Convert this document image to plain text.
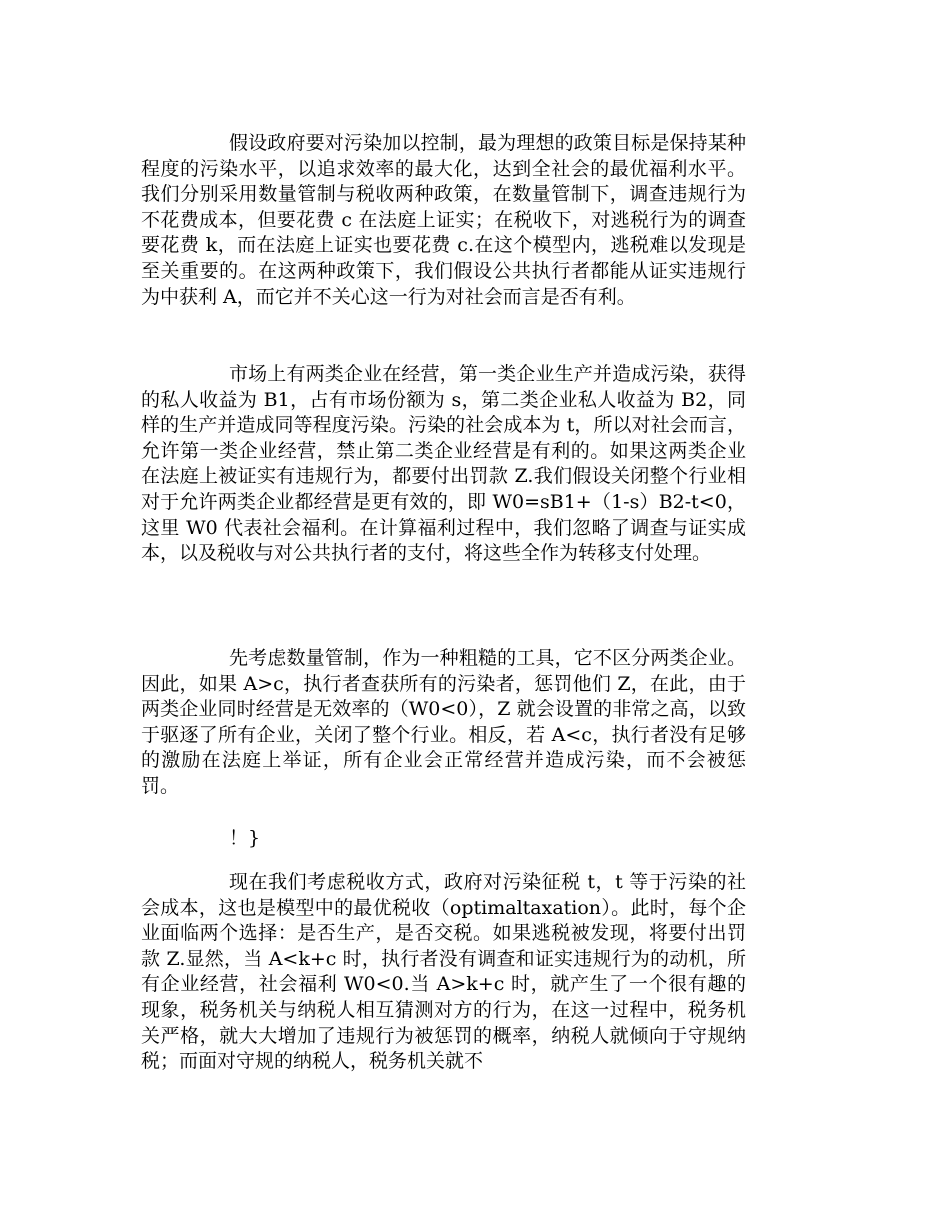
假设政府要对污染加以控制，最为理想的政策目标是保持某种程度的污染水平，以追求效率的最大化，达到全社会的最优福利水平。我们分别采用数量管制与税收两种政策，在数量管制下，调查违规行为不花费成本，但要花费 c 在法庭上证实；在税收下，对逃税行为的调查要花费 k，而在法庭上证实也要花费 c.在这个模型内，逃税难以发现是至关重要的。在这两种政策下，我们假设公共执行者都能从证实违规行为中获利 A，而它并不关心这一行为对社会而言是否有利。

市场上有两类企业在经营，第一类企业生产并造成污染，获得的私人收益为 B1，占有市场份额为 s，第二类企业私人收益为 B2，同样的生产并造成同等程度污染。污染的社会成本为 t，所以对社会而言，允许第一类企业经营，禁止第二类企业经营是有利的。如果这两类企业在法庭上被证实有违规行为，都要付出罚款 Z.我们假设关闭整个行业相对于允许两类企业都经营是更有效的，即 W0=sB1+（1-s）B2-t<0，这里 W0 代表社会福利。在计算福利过程中，我们忽略了调查与证实成本，以及税收与对公共执行者的支付，将这些全作为转移支付处理。

先考虑数量管制，作为一种粗糙的工具，它不区分两类企业。因此，如果 A>c，执行者查获所有的污染者，惩罚他们 Z，在此，由于两类企业同时经营是无效率的（W0<0），Z 就会设置的非常之高，以致于驱逐了所有企业，关闭了整个行业。相反，若 A<c，执行者没有足够的激励在法庭上举证，所有企业会正常经营并造成污染，而不会被惩罚。

！}

现在我们考虑税收方式，政府对污染征税 t，t 等于污染的社会成本，这也是模型中的最优税收（optimaltaxation）。此时，每个企业面临两个选择：是否生产，是否交税。如果逃税被发现，将要付出罚款 Z.显然，当 A<k+c 时，执行者没有调查和证实违规行为的动机，所有企业经营，社会福利 W0<0.当 A>k+c 时，就产生了一个很有趣的现象，税务机关与纳税人相互猜测对方的行为，在这一过程中，税务机关严格，就大大增加了违规行为被惩罚的概率，纳税人就倾向于守规纳税；而面对守规的纳税人，税务机关就不
